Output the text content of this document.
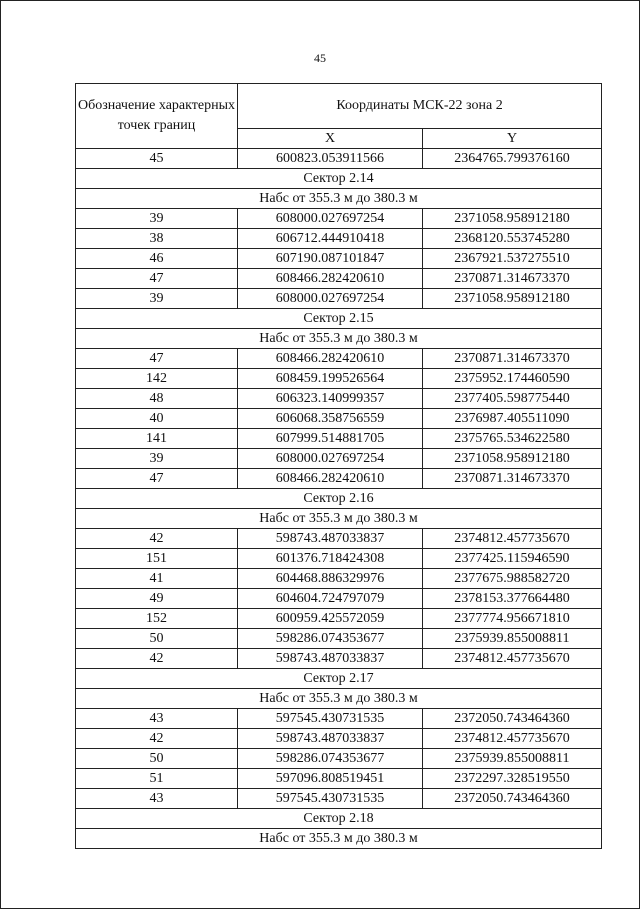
45
Обозначение характерных точек границ	Координаты МСК-22 зона 2	
	X	Y
45	600823.053911566	2364765.799376160
Сектор 2.14		
Набс от 355.3 м до 380.3 м		
39	608000.027697254	2371058.958912180
38	606712.444910418	2368120.553745280
46	607190.087101847	2367921.537275510
47	608466.282420610	2370871.314673370
39	608000.027697254	2371058.958912180
Сектор 2.15		
Набс от 355.3 м до 380.3 м		
47	608466.282420610	2370871.314673370
142	608459.199526564	2375952.174460590
48	606323.140999357	2377405.598775440
40	606068.358756559	2376987.405511090
141	607999.514881705	2375765.534622580
39	608000.027697254	2371058.958912180
47	608466.282420610	2370871.314673370
Сектор 2.16		
Набс от 355.3 м до 380.3 м		
42	598743.487033837	2374812.457735670
151	601376.718424308	2377425.115946590
41	604468.886329976	2377675.988582720
49	604604.724797079	2378153.377664480
152	600959.425572059	2377774.956671810
50	598286.074353677	2375939.855008811
42	598743.487033837	2374812.457735670
Сектор 2.17		
Набс от 355.3 м до 380.3 м		
43	597545.430731535	2372050.743464360
42	598743.487033837	2374812.457735670
50	598286.074353677	2375939.855008811
51	597096.808519451	2372297.328519550
43	597545.430731535	2372050.743464360
Сектор 2.18		
Набс от 355.3 м до 380.3 м		
